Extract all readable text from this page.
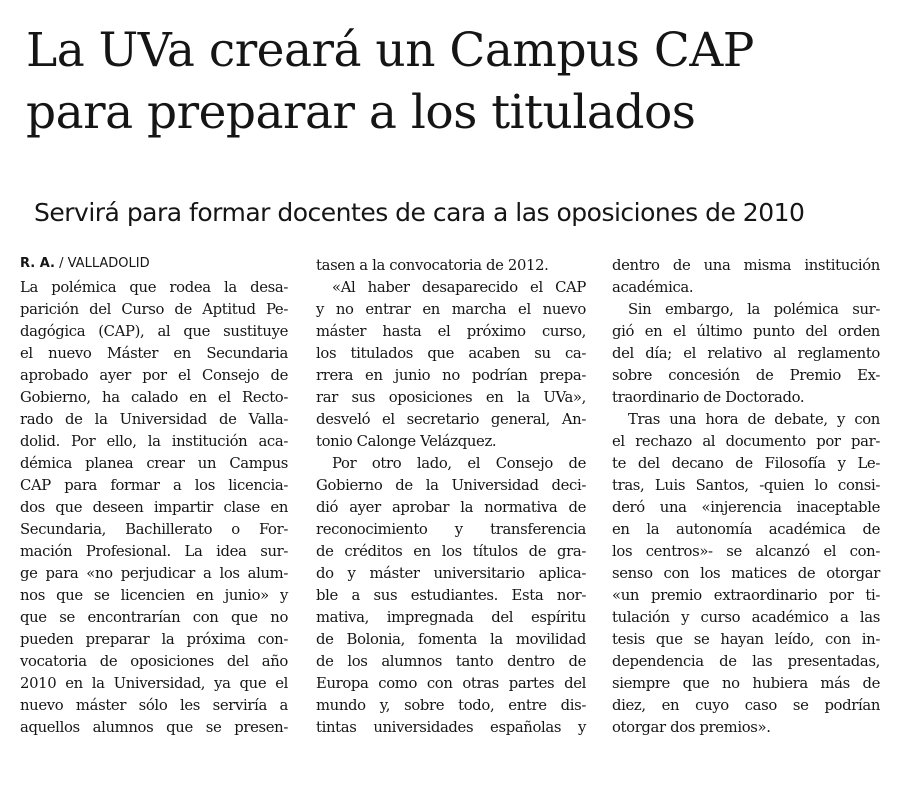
La UVa creará un Campus CAP
para preparar a los titulados
Servirá para formar docentes de cara a las oposiciones de 2010
R. A. / VALLADOLID
La polémica que rodea la desa-
parición del Curso de Aptitud Pe-
dagógica (CAP), al que sustituye
el nuevo Máster en Secundaria
aprobado ayer por el Consejo de
Gobierno, ha calado en el Recto-
rado de la Universidad de Valla-
dolid. Por ello, la institución aca-
démica planea crear un Campus
CAP para formar a los licencia-
dos que deseen impartir clase en
Secundaria, Bachillerato o For-
mación Profesional. La idea sur-
ge para «no perjudicar a los alum-
nos que se licencien en junio» y
que se encontrarían con que no
pueden preparar la próxima con-
vocatoria de oposiciones del año
2010 en la Universidad, ya que el
nuevo máster sólo les serviría a
aquellos alumnos que se presen-
tasen a la convocatoria de 2012.
«Al haber desaparecido el CAP
y no entrar en marcha el nuevo
máster hasta el próximo curso,
los titulados que acaben su ca-
rrera en junio no podrían prepa-
rar sus oposiciones en la UVa»,
desveló el secretario general, An-
tonio Calonge Velázquez.
Por otro lado, el Consejo de
Gobierno de la Universidad deci-
dió ayer aprobar la normativa de
reconocimiento y transferencia
de créditos en los títulos de gra-
do y máster universitario aplica-
ble a sus estudiantes. Esta nor-
mativa, impregnada del espíritu
de Bolonia, fomenta la movilidad
de los alumnos tanto dentro de
Europa como con otras partes del
mundo y, sobre todo, entre dis-
tintas universidades españolas y
dentro de una misma institución
académica.
Sin embargo, la polémica sur-
gió en el último punto del orden
del día; el relativo al reglamento
sobre concesión de Premio Ex-
traordinario de Doctorado.
Tras una hora de debate, y con
el rechazo al documento por par-
te del decano de Filosofía y Le-
tras, Luis Santos, -quien lo consi-
deró una «injerencia inaceptable
en la autonomía académica de
los centros»- se alcanzó el con-
senso con los matices de otorgar
«un premio extraordinario por ti-
tulación y curso académico a las
tesis que se hayan leído, con in-
dependencia de las presentadas,
siempre que no hubiera más de
diez, en cuyo caso se podrían
otorgar dos premios».
